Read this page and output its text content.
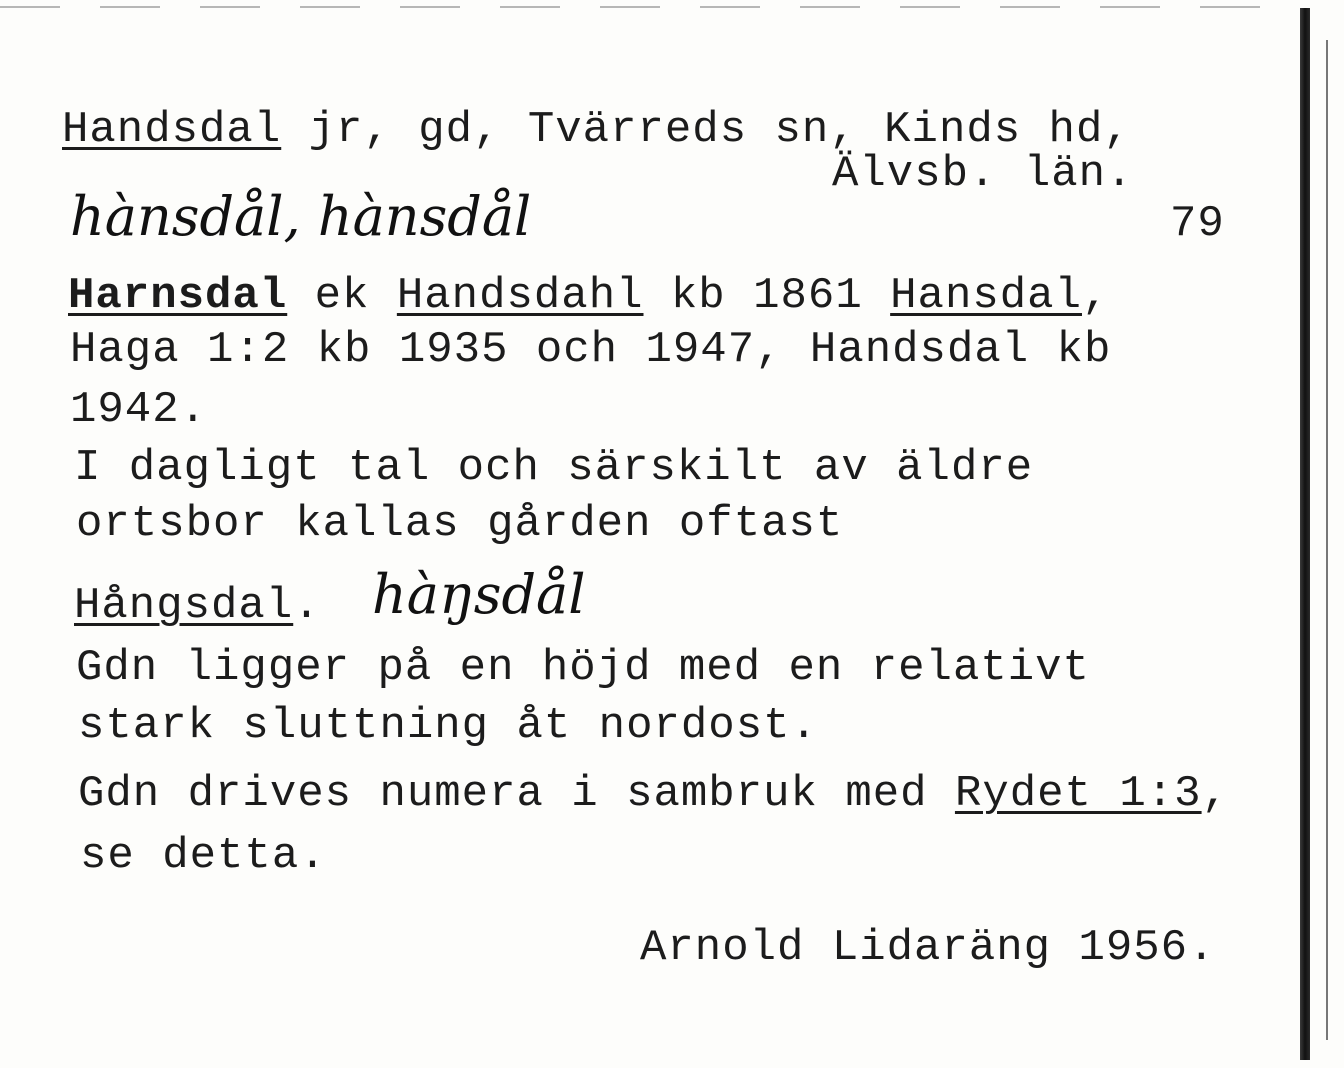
Handsdal jr, gd, Tvärreds sn, Kinds hd,
Älvsb. län.
hànsdål, hànsdål	79
Harnsdal ek Handsdahl kb 1861 Hansdal,
Haga 1:2 kb 1935 och 1947, Handsdal kb
1942.
I dagligt tal och särskilt av äldre
ortsbor kallas gården oftast
Hångsdal. hàŋsdål
Gdn ligger på en höjd med en relativt
stark sluttning åt nordost.
Gdn drives numera i sambruk med Rydet 1:3,
se detta.
Arnold Lidaräng 1956.
